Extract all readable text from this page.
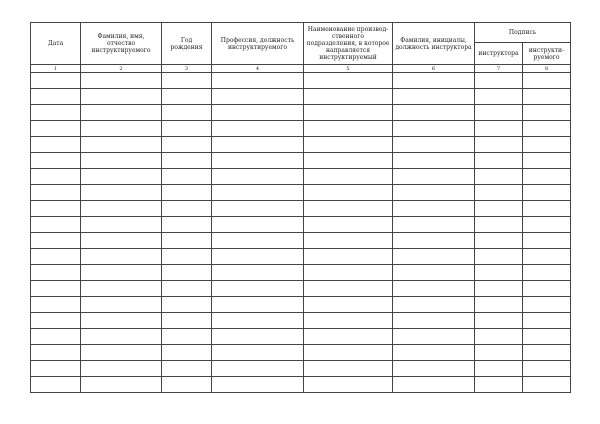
Дата	Фамилия, имя, отчество инструктируемого	Год рождения	Профессия, должность инструктируемого	Наименование производ-ственного подразделения, в которое направляется инструктируемый	Фамилия, инициалы, должность инструктора	Подпись	

						инструктора	инструкти-руемого

1	2	3	4	5	6	7	8
